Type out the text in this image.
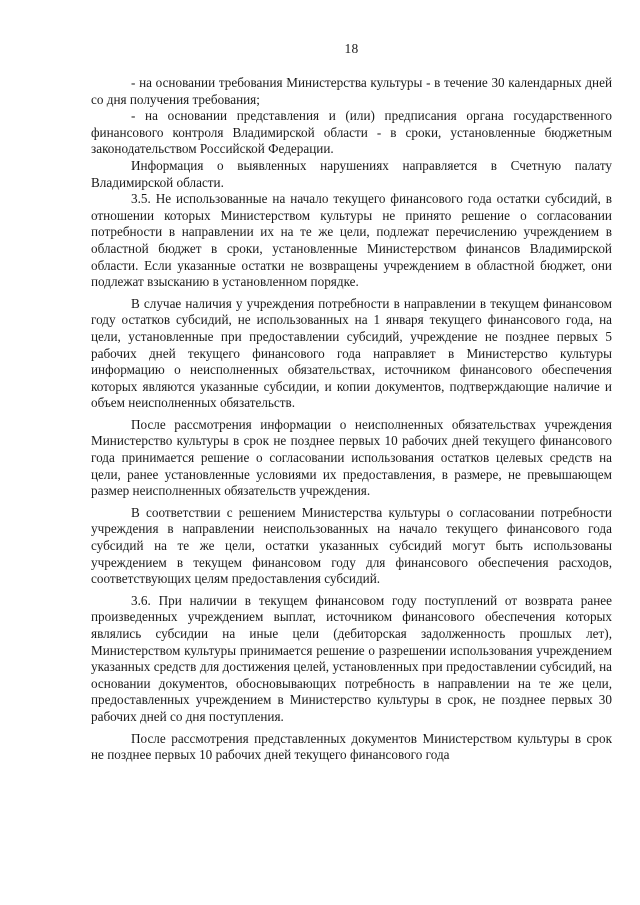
18

- на основании требования Министерства культуры - в течение 30 календарных дней со дня получения требования;

- на основании представления и (или) предписания органа государственного финансового контроля Владимирской области - в сроки, установленные бюджетным законодательством Российской Федерации.

Информация о выявленных нарушениях направляется в Счетную палату Владимирской области.

3.5. Не использованные на начало текущего финансового года остатки субсидий, в отношении которых Министерством культуры не принято решение о согласовании потребности в направлении их на те же цели, подлежат перечислению учреждением в областной бюджет в сроки, установленные Министерством финансов Владимирской области. Если указанные остатки не возвращены учреждением в областной бюджет, они подлежат взысканию в установленном порядке.

В случае наличия у учреждения потребности в направлении в текущем финансовом году остатков субсидий, не использованных на 1 января текущего финансового года, на цели, установленные при предоставлении субсидий, учреждение не позднее первых 5 рабочих дней текущего финансового года направляет в Министерство культуры информацию о неисполненных обязательствах, источником финансового обеспечения которых являются указанные субсидии, и копии документов, подтверждающие наличие и объем неисполненных обязательств.

После рассмотрения информации о неисполненных обязательствах учреждения Министерство культуры в срок не позднее первых 10 рабочих дней текущего финансового года принимается решение о согласовании использования остатков целевых средств на цели, ранее установленные условиями их предоставления, в размере, не превышающем размер неисполненных обязательств учреждения.

В соответствии с решением Министерства культуры о согласовании потребности учреждения в направлении неиспользованных на начало текущего финансового года субсидий на те же цели, остатки указанных субсидий могут быть использованы учреждением в текущем финансовом году для финансового обеспечения расходов, соответствующих целям предоставления субсидий.

3.6. При наличии в текущем финансовом году поступлений от возврата ранее произведенных учреждением выплат, источником финансового обеспечения которых являлись субсидии на иные цели (дебиторская задолженность прошлых лет), Министерством культуры принимается решение о разрешении использования учреждением указанных средств для достижения целей, установленных при предоставлении субсидий, на основании документов, обосновывающих потребность в направлении на те же цели, предоставленных учреждением в Министерство культуры в срок, не позднее первых 30 рабочих дней со дня поступления.

После рассмотрения представленных документов Министерством культуры в срок не позднее первых 10 рабочих дней текущего финансового года
